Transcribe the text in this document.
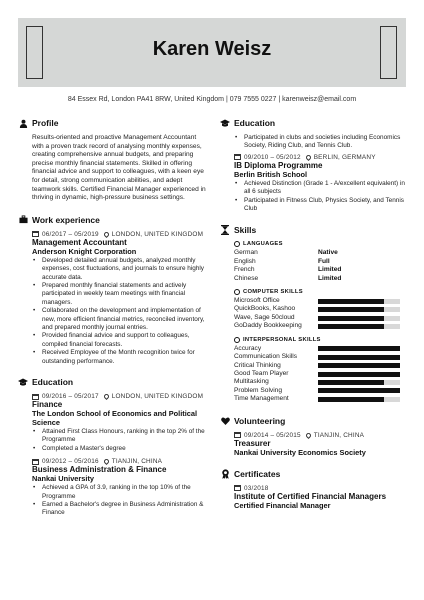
Karen Weisz
84 Essex Rd, London PA41 8RW, United Kingdom | 079 7555 0227 | karenweisz@email.com
Profile
Results-oriented and proactive Management Accountant with a proven track record of analysing monthly expenses, creating comprehensive annual budgets, and preparing precise monthly financial statements. Skilled in offering financial advice and support to colleagues, with a keen eye for detail, strong communication abilities, and adept teamwork skills. Certified Financial Manager experienced in thriving in dynamic, high-pressure business settings.
Work experience
06/2017 – 05/2019 LONDON, UNITED KINGDOM
Management Accountant
Anderson Knight Corporation
• Developed detailed annual budgets, analyzed monthly expenses, cost fluctuations, and journals to ensure highly accurate data.
• Prepared monthly financial statements and actively participated in weekly team meetings with financial managers.
• Collaborated on the development and implementation of new, more efficient financial metrics, reconciled inventory, and prepared monthly journal entries.
• Provided financial advice and support to colleagues, compiled financial forecasts.
• Received Employee of the Month recognition twice for outstanding performance.
Education
09/2016 – 05/2017 LONDON, UNITED KINGDOM
Finance
The London School of Economics and Political Science
• Attained First Class Honours, ranking in the top 2% of the Programme
• Completed a Master's degree
09/2012 – 05/2016 TIANJIN, CHINA
Business Administration & Finance
Nankai University
• Achieved a GPA of 3.9, ranking in the top 10% of the Programme
• Earned a Bachelor's degree in Business Administration & Finance
Education
• Participated in clubs and societies including Economics Society, Riding Club, and Tennis Club.
09/2010 – 05/2012 BERLIN, GERMANY
IB Diploma Programme
Berlin British School
• Achieved Distinction (Grade 1 - A/excellent equivalent) in all 6 subjects
• Participated in Fitness Club, Physics Society, and Tennis Club
Skills
LANGUAGES
German	Native
English	Full
French	Limited
Chinese	Limited
COMPUTER SKILLS
Microsoft Office
QuickBooks, Kashoo
Wave, Sage 50cloud
GoDaddy Bookkeeping
INTERPERSONAL SKILLS
Accuracy
Communication Skills
Critical Thinking
Good Team Player
Multitasking
Problem Solving
Time Management
Volunteering
09/2014 – 05/2015 TIANJIN, CHINA
Treasurer
Nankai University Economics Society
Certificates
03/2018
Institute of Certified Financial Managers
Certified Financial Manager
